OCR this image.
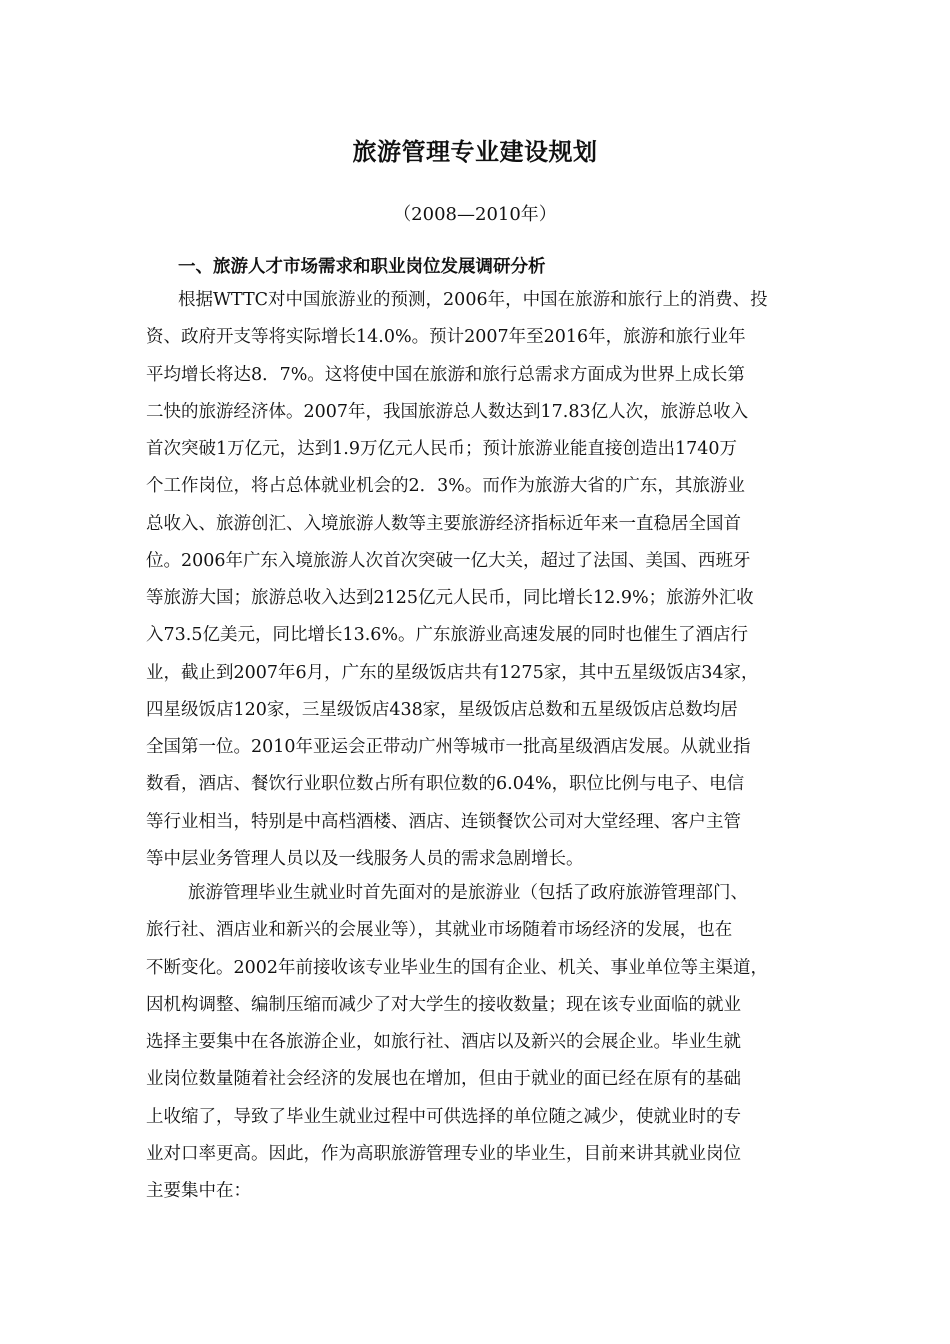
旅游管理专业建设规划
（2008—2010年）
一、旅游人才市场需求和职业岗位发展调研分析
根据WTTC对中国旅游业的预测，2006年，中国在旅游和旅行上的消费、投
资、政府开支等将实际增长14.0%。预计2007年至2016年，旅游和旅行业年
平均增长将达8．7%。这将使中国在旅游和旅行总需求方面成为世界上成长第
二快的旅游经济体。2007年，我国旅游总人数达到17.83亿人次，旅游总收入
首次突破1万亿元，达到1.9万亿元人民币；预计旅游业能直接创造出1740万
个工作岗位，将占总体就业机会的2．3%。而作为旅游大省的广东，其旅游业
总收入、旅游创汇、入境旅游人数等主要旅游经济指标近年来一直稳居全国首
位。2006年广东入境旅游人次首次突破一亿大关，超过了法国、美国、西班牙
等旅游大国；旅游总收入达到2125亿元人民币，同比增长12.9%；旅游外汇收
入73.5亿美元，同比增长13.6%。广东旅游业高速发展的同时也催生了酒店行
业，截止到2007年6月，广东的星级饭店共有1275家，其中五星级饭店34家，
四星级饭店120家，三星级饭店438家，星级饭店总数和五星级饭店总数均居
全国第一位。2010年亚运会正带动广州等城市一批高星级酒店发展。从就业指
数看，酒店、餐饮行业职位数占所有职位数的6.04%，职位比例与电子、电信
等行业相当，特别是中高档酒楼、酒店、连锁餐饮公司对大堂经理、客户主管
等中层业务管理人员以及一线服务人员的需求急剧增长。
旅游管理毕业生就业时首先面对的是旅游业（包括了政府旅游管理部门、
旅行社、酒店业和新兴的会展业等），其就业市场随着市场经济的发展，也在
不断变化。2002年前接收该专业毕业生的国有企业、机关、事业单位等主渠道，
因机构调整、编制压缩而减少了对大学生的接收数量；现在该专业面临的就业
选择主要集中在各旅游企业，如旅行社、酒店以及新兴的会展企业。毕业生就
业岗位数量随着社会经济的发展也在增加，但由于就业的面已经在原有的基础
上收缩了，导致了毕业生就业过程中可供选择的单位随之减少，使就业时的专
业对口率更高。因此，作为高职旅游管理专业的毕业生，目前来讲其就业岗位
主要集中在：
